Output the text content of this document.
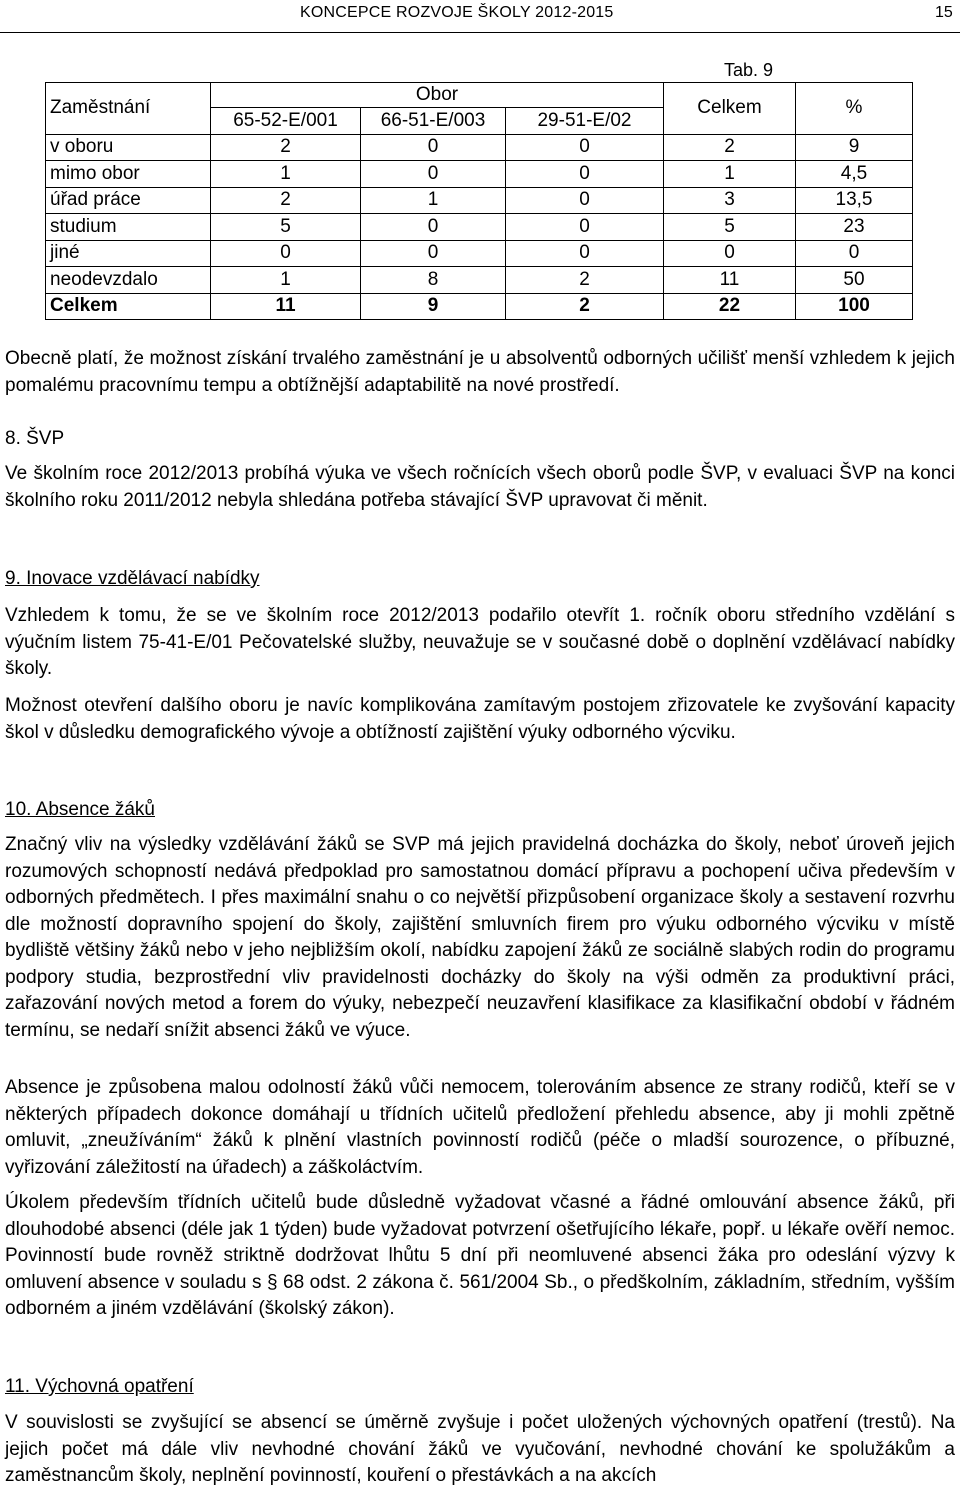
KONCEPCE ROZVOJE ŠKOLY 2012-2015	15
Tab. 9
Zaměstnání	Obor			Celkem	%
	65-52-E/001	66-51-E/003	29-51-E/02		
v oboru	2	0	0	2	9
mimo obor	1	0	0	1	4,5
úřad práce	2	1	0	3	13,5
studium	5	0	0	5	23
jiné	0	0	0	0	0
neodevzdalo	1	8	2	11	50
Celkem	11	9	2	22	100

Obecně platí, že možnost získání trvalého zaměstnání je u absolventů odborných učilišť menší vzhledem k jejich pomalému pracovnímu tempu a obtížnější adaptabilitě na nové prostředí.

8. ŠVP

Ve školním roce 2012/2013 probíhá výuka ve všech ročnících všech oborů podle ŠVP, v evaluaci ŠVP na konci školního roku 2011/2012 nebyla shledána potřeba stávající ŠVP upravovat či měnit.

9. Inovace vzdělávací nabídky

Vzhledem k tomu, že se ve školním roce 2012/2013 podařilo otevřít 1. ročník oboru středního vzdělání s výučním listem 75-41-E/01 Pečovatelské služby, neuvažuje se v současné době o doplnění vzdělávací nabídky školy.

Možnost otevření dalšího oboru je navíc komplikována zamítavým postojem zřizovatele ke zvyšování kapacity škol v důsledku demografického vývoje a obtížností zajištění výuky odborného výcviku.

10. Absence žáků

Značný vliv na výsledky vzdělávání žáků se SVP má jejich pravidelná docházka do školy, neboť úroveň jejich rozumových schopností nedává předpoklad pro samostatnou domácí přípravu a pochopení učiva především v odborných předmětech. I přes maximální snahu o co největší přizpůsobení organizace školy a sestavení rozvrhu dle možností dopravního spojení do školy, zajištění smluvních firem pro výuku odborného výcviku v místě bydliště většiny žáků nebo v jeho nejbližším okolí, nabídku zapojení žáků ze sociálně slabých rodin do programu podpory studia, bezprostřední vliv pravidelnosti docházky do školy na výši odměn za produktivní práci, zařazování nových metod a forem do výuky, nebezpečí neuzavření klasifikace za klasifikační období v řádném termínu, se nedaří snížit absenci žáků ve výuce.

Absence je způsobena malou odolností žáků vůči nemocem, tolerováním absence ze strany rodičů, kteří se v některých případech dokonce domáhají u třídních učitelů předložení přehledu absence, aby ji mohli zpětně omluvit, „zneužíváním“ žáků k plnění vlastních povinností rodičů (péče o mladší sourozence, o příbuzné, vyřizování záležitostí na úřadech) a záškoláctvím.

Úkolem především třídních učitelů bude důsledně vyžadovat včasné a řádné omlouvání absence žáků, při dlouhodobé absenci (déle jak 1 týden) bude vyžadovat potvrzení ošetřujícího lékaře, popř. u lékaře ověří nemoc. Povinností bude rovněž striktně dodržovat lhůtu 5 dní při neomluvené absenci žáka pro odeslání výzvy k omluvení absence v souladu s § 68 odst. 2 zákona č. 561/2004 Sb., o předškolním, základním, středním, vyšším odborném a jiném vzdělávání (školský zákon).

11. Výchovná opatření

V souvislosti se zvyšující se absencí se úměrně zvyšuje i počet uložených výchovných opatření (trestů). Na jejich počet má dále vliv nevhodné chování žáků ve vyučování, nevhodné chování ke spolužákům a zaměstnancům školy, neplnění povinností, kouření o přestávkách a na akcích
